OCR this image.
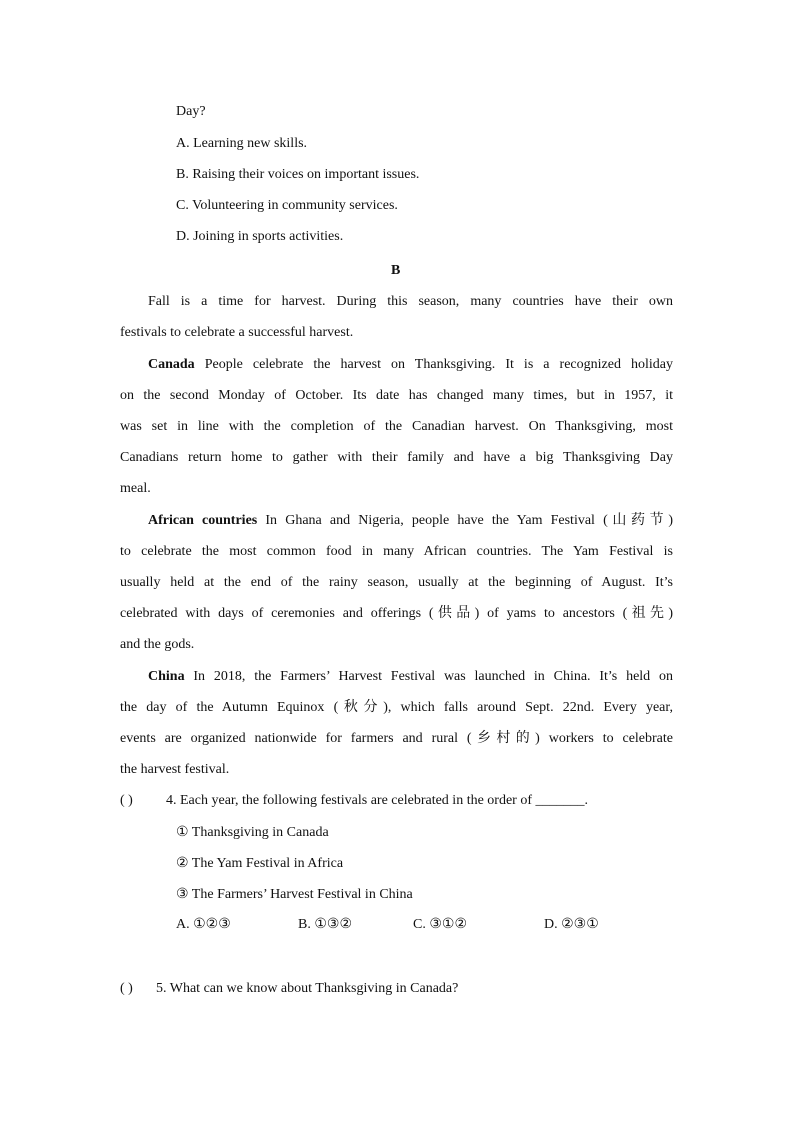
Day?
A. Learning new skills.
B. Raising their voices on important issues.
C. Volunteering in community services.
D. Joining in sports activities.
B
Fall is a time for harvest. During this season, many countries have their own
festivals to celebrate a successful harvest.
Canada People celebrate the harvest on Thanksgiving. It is a recognized holiday
on the second Monday of October. Its date has changed many times, but in 1957, it
was set in line with the completion of the Canadian harvest. On Thanksgiving, most
Canadians return home to gather with their family and have a big Thanksgiving Day
meal.
African countries In Ghana and Nigeria, people have the Yam Festival (山药节)
to celebrate the most common food in many African countries. The Yam Festival is
usually held at the end of the rainy season, usually at the beginning of August. It’s
celebrated with days of ceremonies and offerings (供品) of yams to ancestors (祖先)
and the gods.
China In 2018, the Farmers’ Harvest Festival was launched in China. It’s held on
the day of the Autumn Equinox (秋分), which falls around Sept. 22nd. Every year,
events are organized nationwide for farmers and rural (乡村的) workers to celebrate
the harvest festival.
( ) 4. Each year, the following festivals are celebrated in the order of _______.
① Thanksgiving in Canada
② The Yam Festival in Africa
③ The Farmers’ Harvest Festival in China
A. ①②③	B. ①③②	C. ③①②	D. ②③①
( ) 5. What can we know about Thanksgiving in Canada?
